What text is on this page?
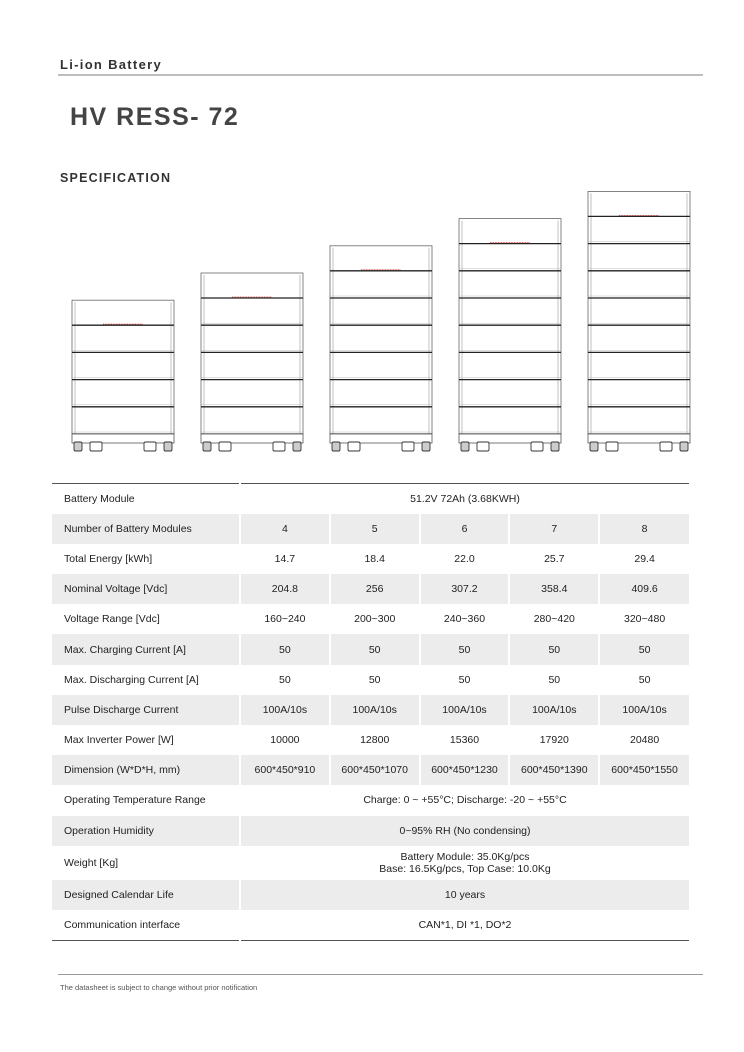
Li-ion Battery
HV RESS- 72
SPECIFICATION
Battery Module	51.2V 72Ah (3.68KWH)				

Number of Battery Modules	4	5	6	7	8
Total Energy [kWh]	14.7	18.4	22.0	25.7	29.4
Nominal Voltage [Vdc]	204.8	256	307.2	358.4	409.6
Voltage Range [Vdc]	160~240	200~300	240~360	280~420	320~480
Max. Charging Current [A]	50	50	50	50	50
Max. Discharging Current [A]	50	50	50	50	50
Pulse Discharge Current	100A/10s	100A/10s	100A/10s	100A/10s	100A/10s
Max Inverter Power [W]	10000	12800	15360	17920	20480
Dimension (W*D*H, mm)	600*450*910	600*450*1070	600*450*1230	600*450*1390	600*450*1550
Operating Temperature Range	Charge: 0 ~ +55°C; Discharge: -20 ~ +55°C				

Operation Humidity	0~95% RH (No condensing)				

Weight [Kg]	Battery Module: 35.0Kg/pcs
Base: 16.5Kg/pcs, Top Case: 10.0Kg				

Designed Calendar Life	10 years				

Communication interface	CAN*1, DI *1, DO*2				
The datasheet is subject to change without prior notification
